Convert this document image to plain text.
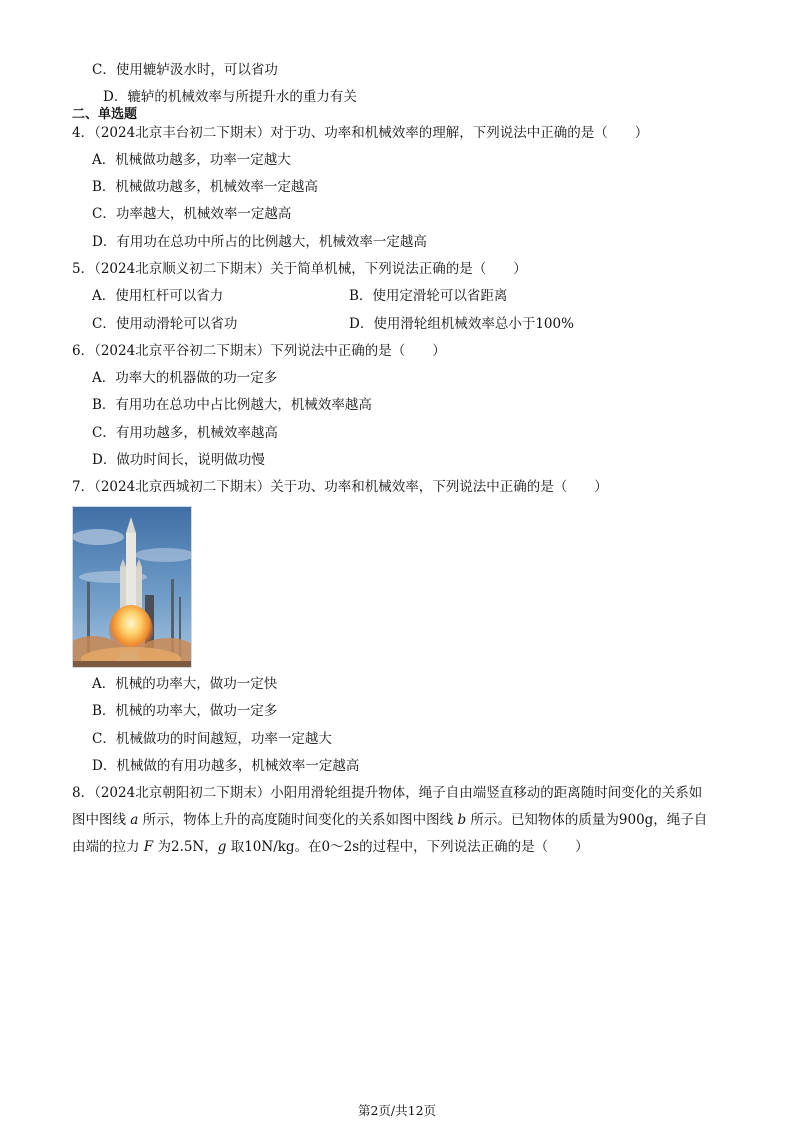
C．使用辘轳汲水时，可以省功
D．辘轳的机械效率与所提升水的重力有关
二、单选题
4．（2024北京丰台初二下期末）对于功、功率和机械效率的理解，下列说法中正确的是（　　）
A．机械做功越多，功率一定越大
B．机械做功越多，机械效率一定越高
C．功率越大，机械效率一定越高
D．有用功在总功中所占的比例越大，机械效率一定越高
5．（2024北京顺义初二下期末）关于简单机械，下列说法正确的是（　　）
A．使用杠杆可以省力	B．使用定滑轮可以省距离
C．使用动滑轮可以省功	D．使用滑轮组机械效率总小于100%
6．（2024北京平谷初二下期末）下列说法中正确的是（　　）
A．功率大的机器做的功一定多
B．有用功在总功中占比例越大，机械效率越高
C．有用功越多，机械效率越高
D．做功时间长，说明做功慢
7．（2024北京西城初二下期末）关于功、功率和机械效率，下列说法中正确的是（　　）
A．机械的功率大，做功一定快
B．机械的功率大，做功一定多
C．机械做功的时间越短，功率一定越大
D．机械做的有用功越多，机械效率一定越高
8．（2024北京朝阳初二下期末）小阳用滑轮组提升物体，绳子自由端竖直移动的距离随时间变化的关系如
图中图线 a 所示，物体上升的高度随时间变化的关系如图中图线 b 所示。已知物体的质量为900g，绳子自
由端的拉力 F 为2.5N，g 取10N/kg。在0～2s的过程中，下列说法正确的是（　　）
第2页/共12页
